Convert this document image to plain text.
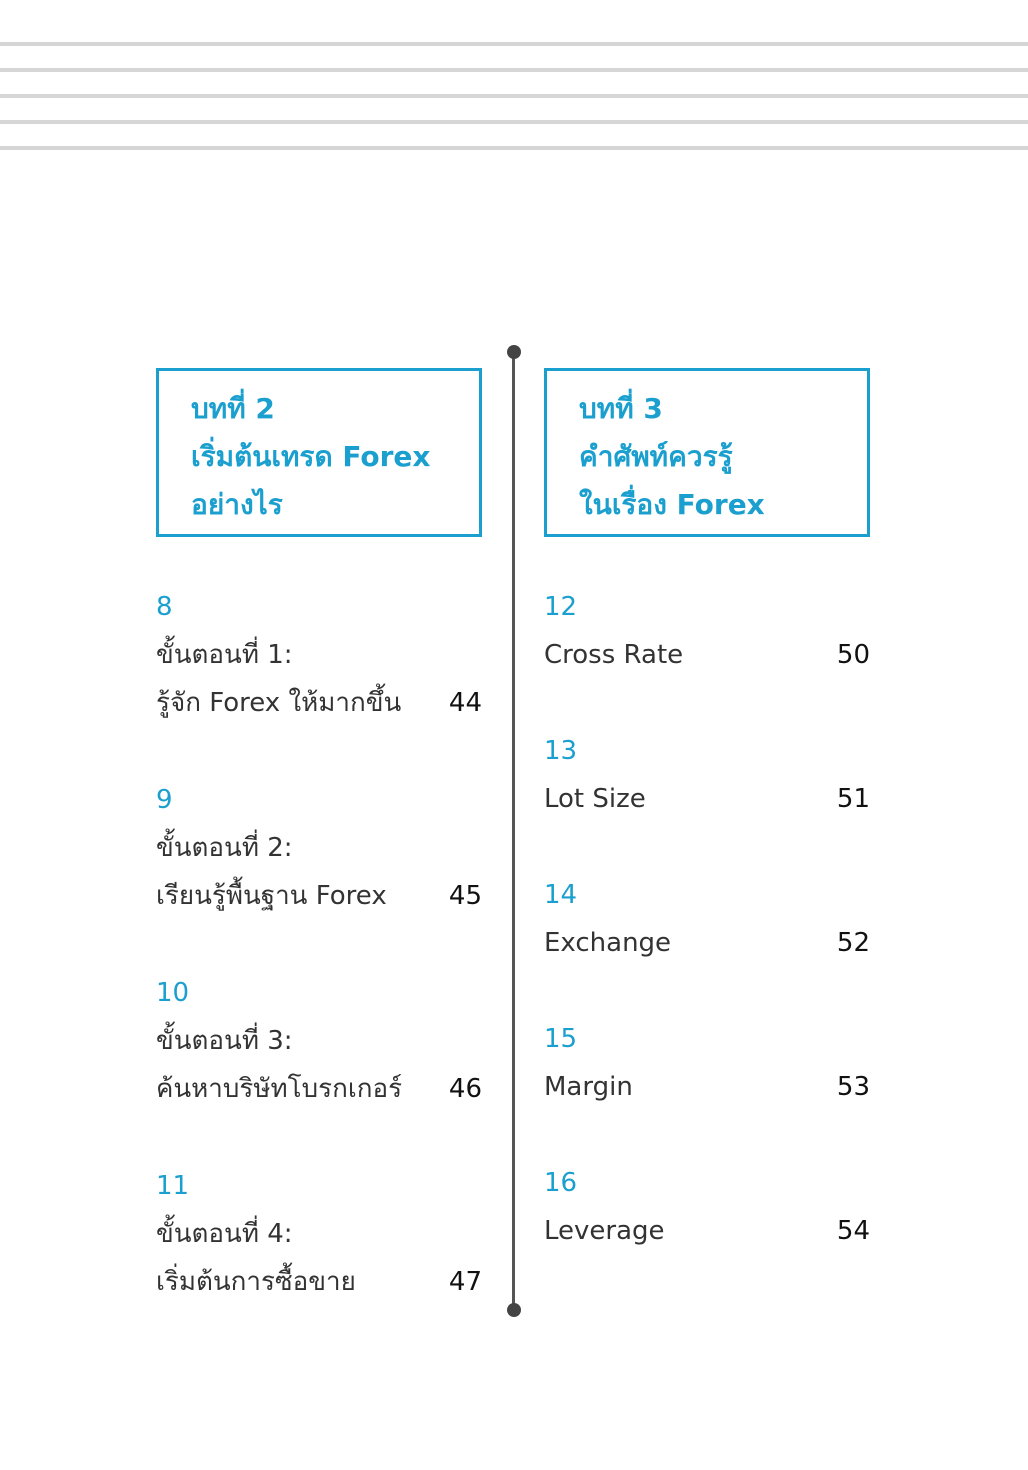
บทที่ 2
เริ่มต้นเทรด Forex
อย่างไร
8
ขั้นตอนที่ 1:
รู้จัก Forex ให้มากขึ้น	44
9
ขั้นตอนที่ 2:
เรียนรู้พื้นฐาน Forex	45
10
ขั้นตอนที่ 3:
ค้นหาบริษัทโบรกเกอร์	46
11
ขั้นตอนที่ 4:
เริ่มต้นการซื้อขาย	47
บทที่ 3
คำศัพท์ควรรู้
ในเรื่อง Forex
12
Cross Rate	50
13
Lot Size	51
14
Exchange	52
15
Margin	53
16
Leverage	54
